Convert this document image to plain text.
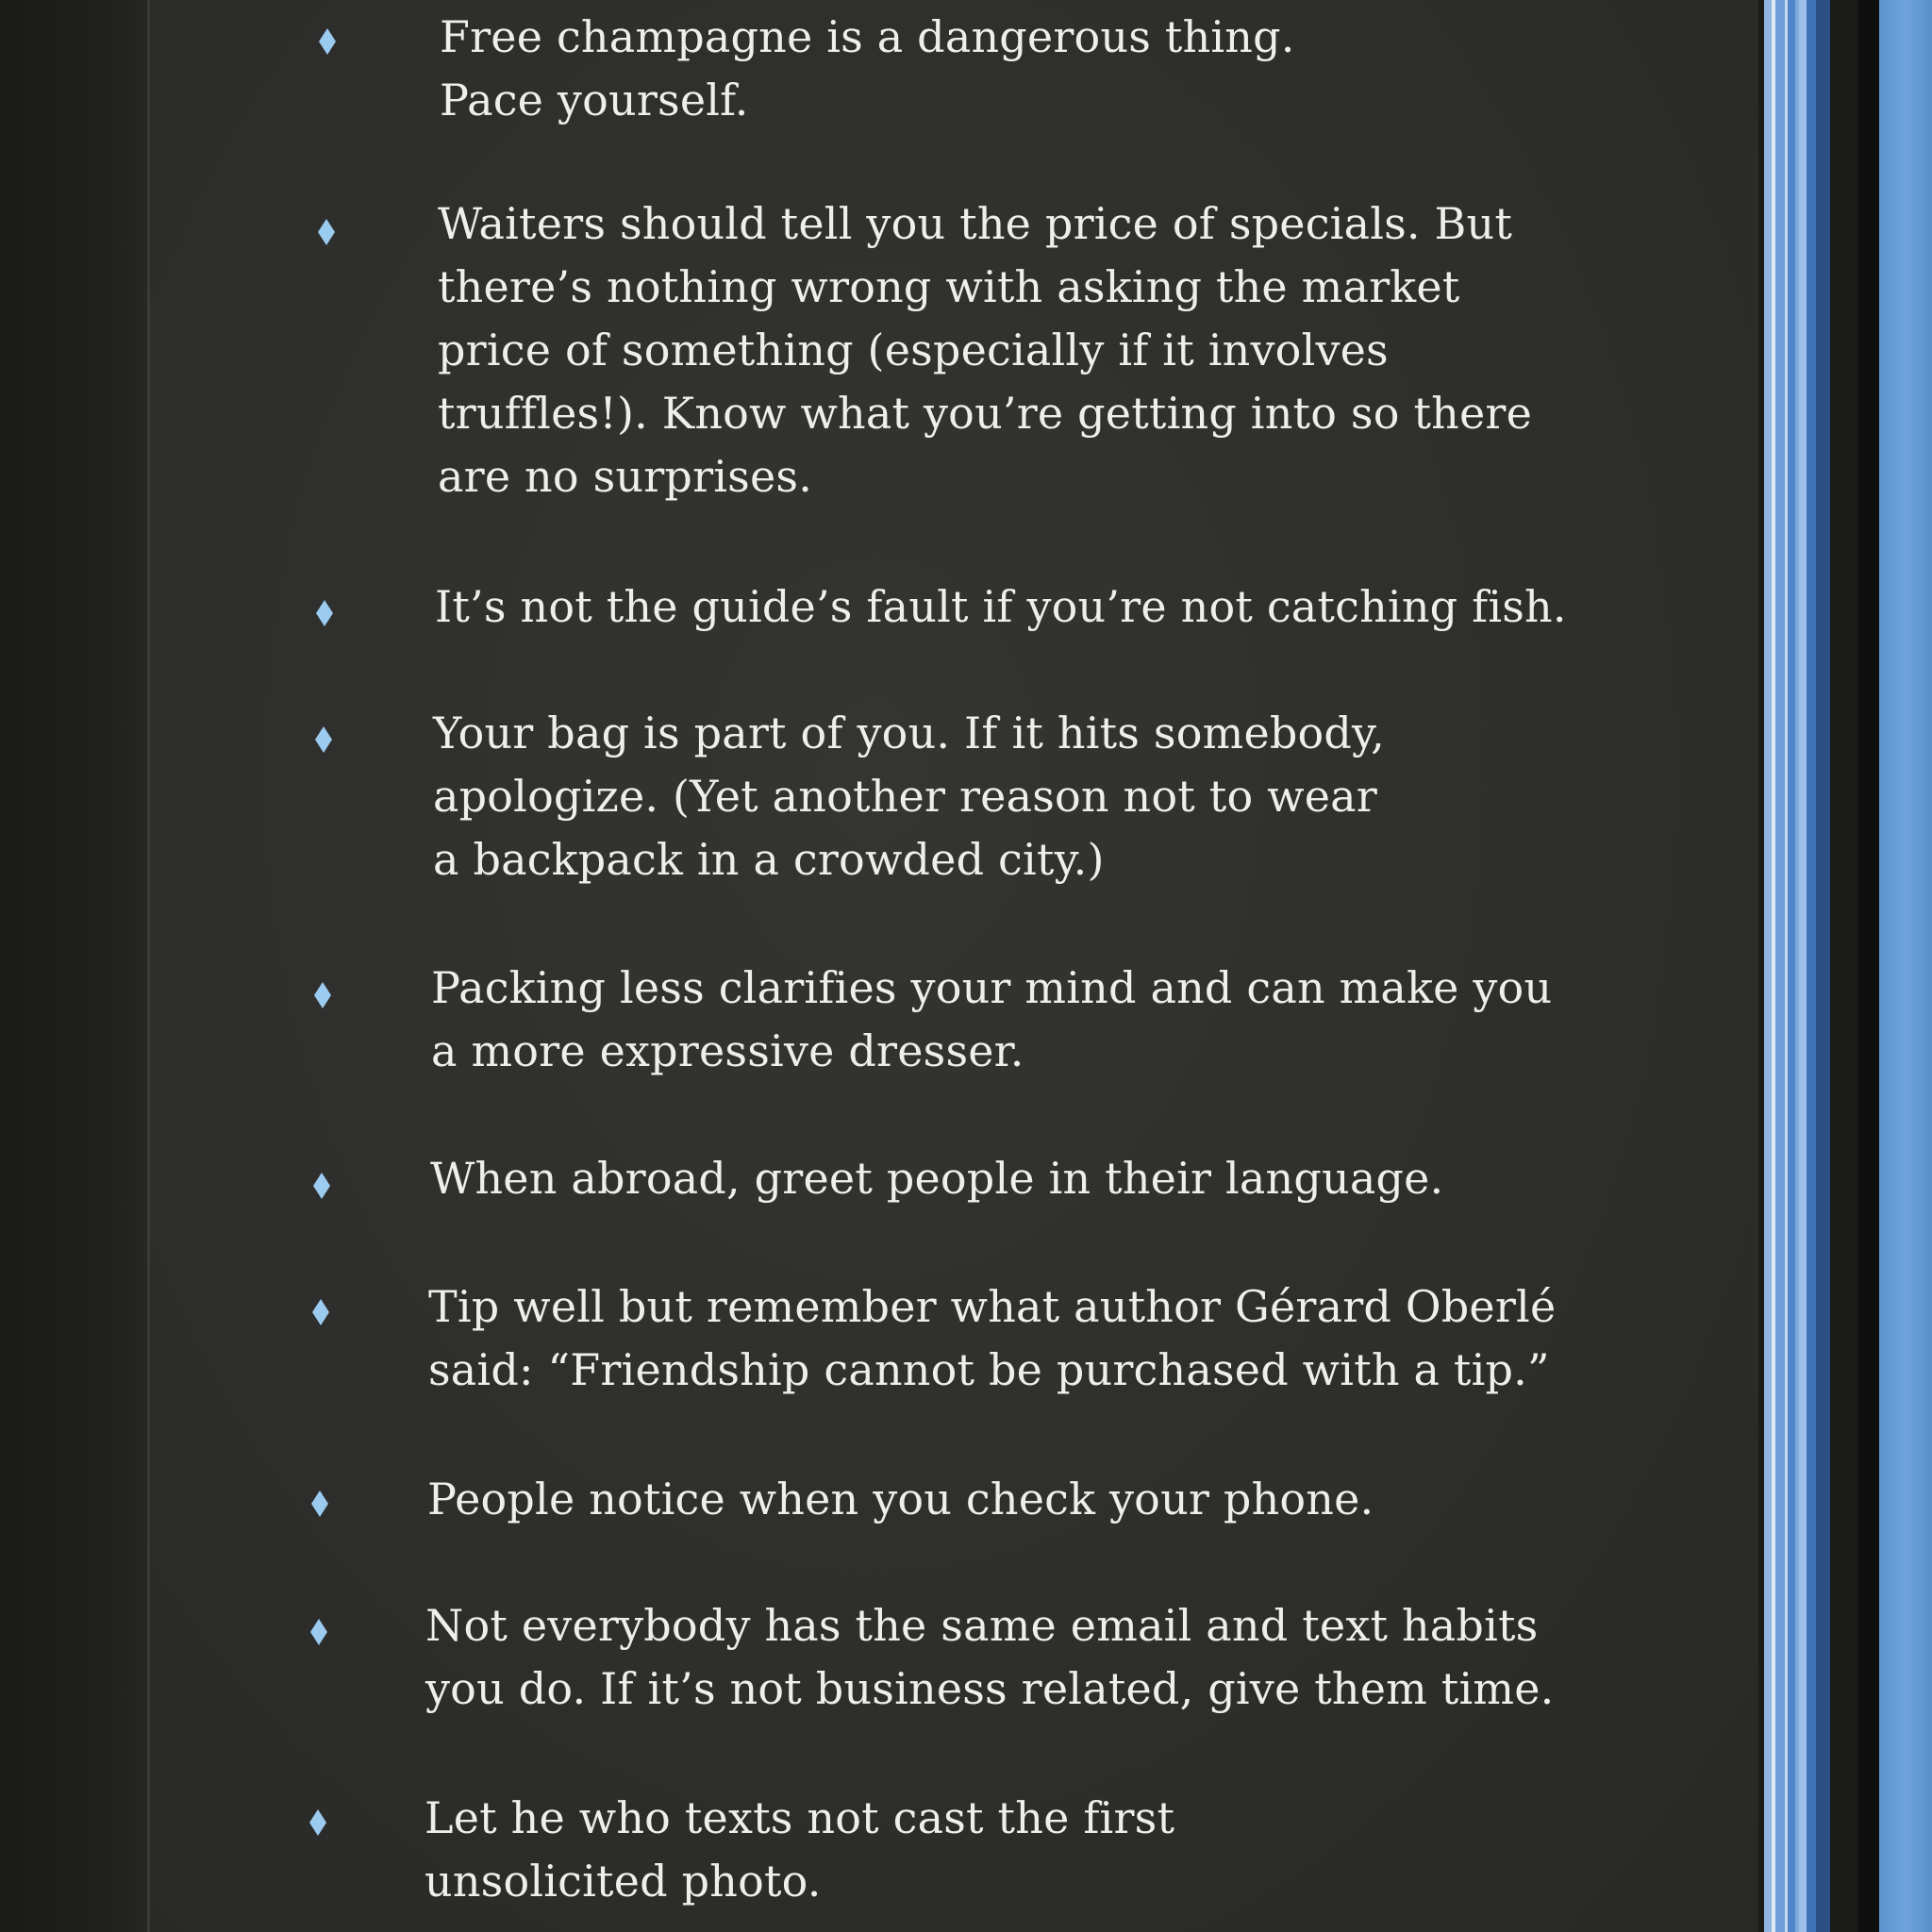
Free champagne is a dangerous thing. Pace yourself.

Waiters should tell you the price of specials. But there’s nothing wrong with asking the market price of something (especially if it involves truffles!). Know what you’re getting into so there are no surprises.

It’s not the guide’s fault if you’re not catching fish.

Your bag is part of you. If it hits somebody, apologize. (Yet another reason not to wear a backpack in a crowded city.)

Packing less clarifies your mind and can make you a more expressive dresser.

When abroad, greet people in their language.

Tip well but remember what author Gérard Oberlé said: “Friendship cannot be purchased with a tip.”

People notice when you check your phone.

Not everybody has the same email and text habits you do. If it’s not business related, give them time.

Let he who texts not cast the first unsolicited photo.
